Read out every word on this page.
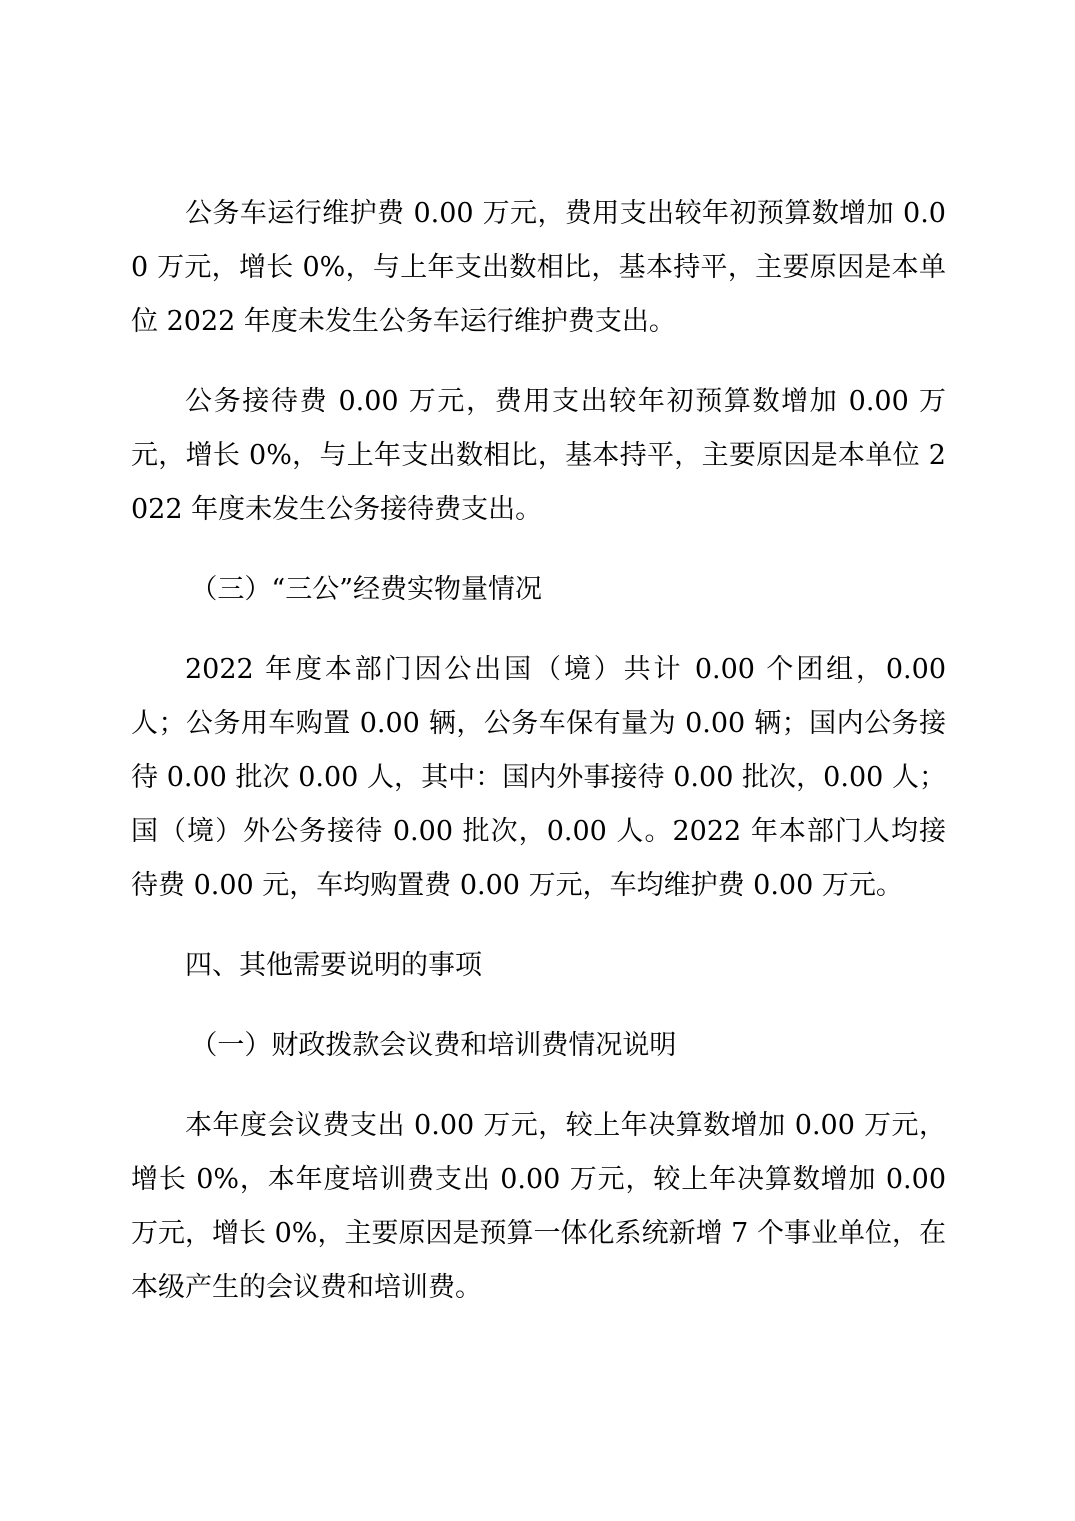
公务车运行维护费 0.00 万元，费用支出较年初预算数增加 0.00 万元，增长 0%，与上年支出数相比，基本持平，主要原因是本单位 2022 年度未发生公务车运行维护费支出。

公务接待费 0.00 万元，费用支出较年初预算数增加 0.00 万元，增长 0%，与上年支出数相比，基本持平，主要原因是本单位 2022 年度未发生公务接待费支出。

（三）“三公”经费实物量情况

2022 年度本部门因公出国（境）共计 0.00 个团组，0.00 人；公务用车购置 0.00 辆，公务车保有量为 0.00 辆；国内公务接待 0.00 批次 0.00 人，其中：国内外事接待 0.00 批次，0.00 人；国（境）外公务接待 0.00 批次，0.00 人。2022 年本部门人均接待费 0.00 元，车均购置费 0.00 万元，车均维护费 0.00 万元。

四、其他需要说明的事项

（一）财政拨款会议费和培训费情况说明

本年度会议费支出 0.00 万元，较上年决算数增加 0.00 万元，增长 0%，本年度培训费支出 0.00 万元，较上年决算数增加 0.00 万元，增长 0%，主要原因是预算一体化系统新增 7 个事业单位，在本级产生的会议费和培训费。
